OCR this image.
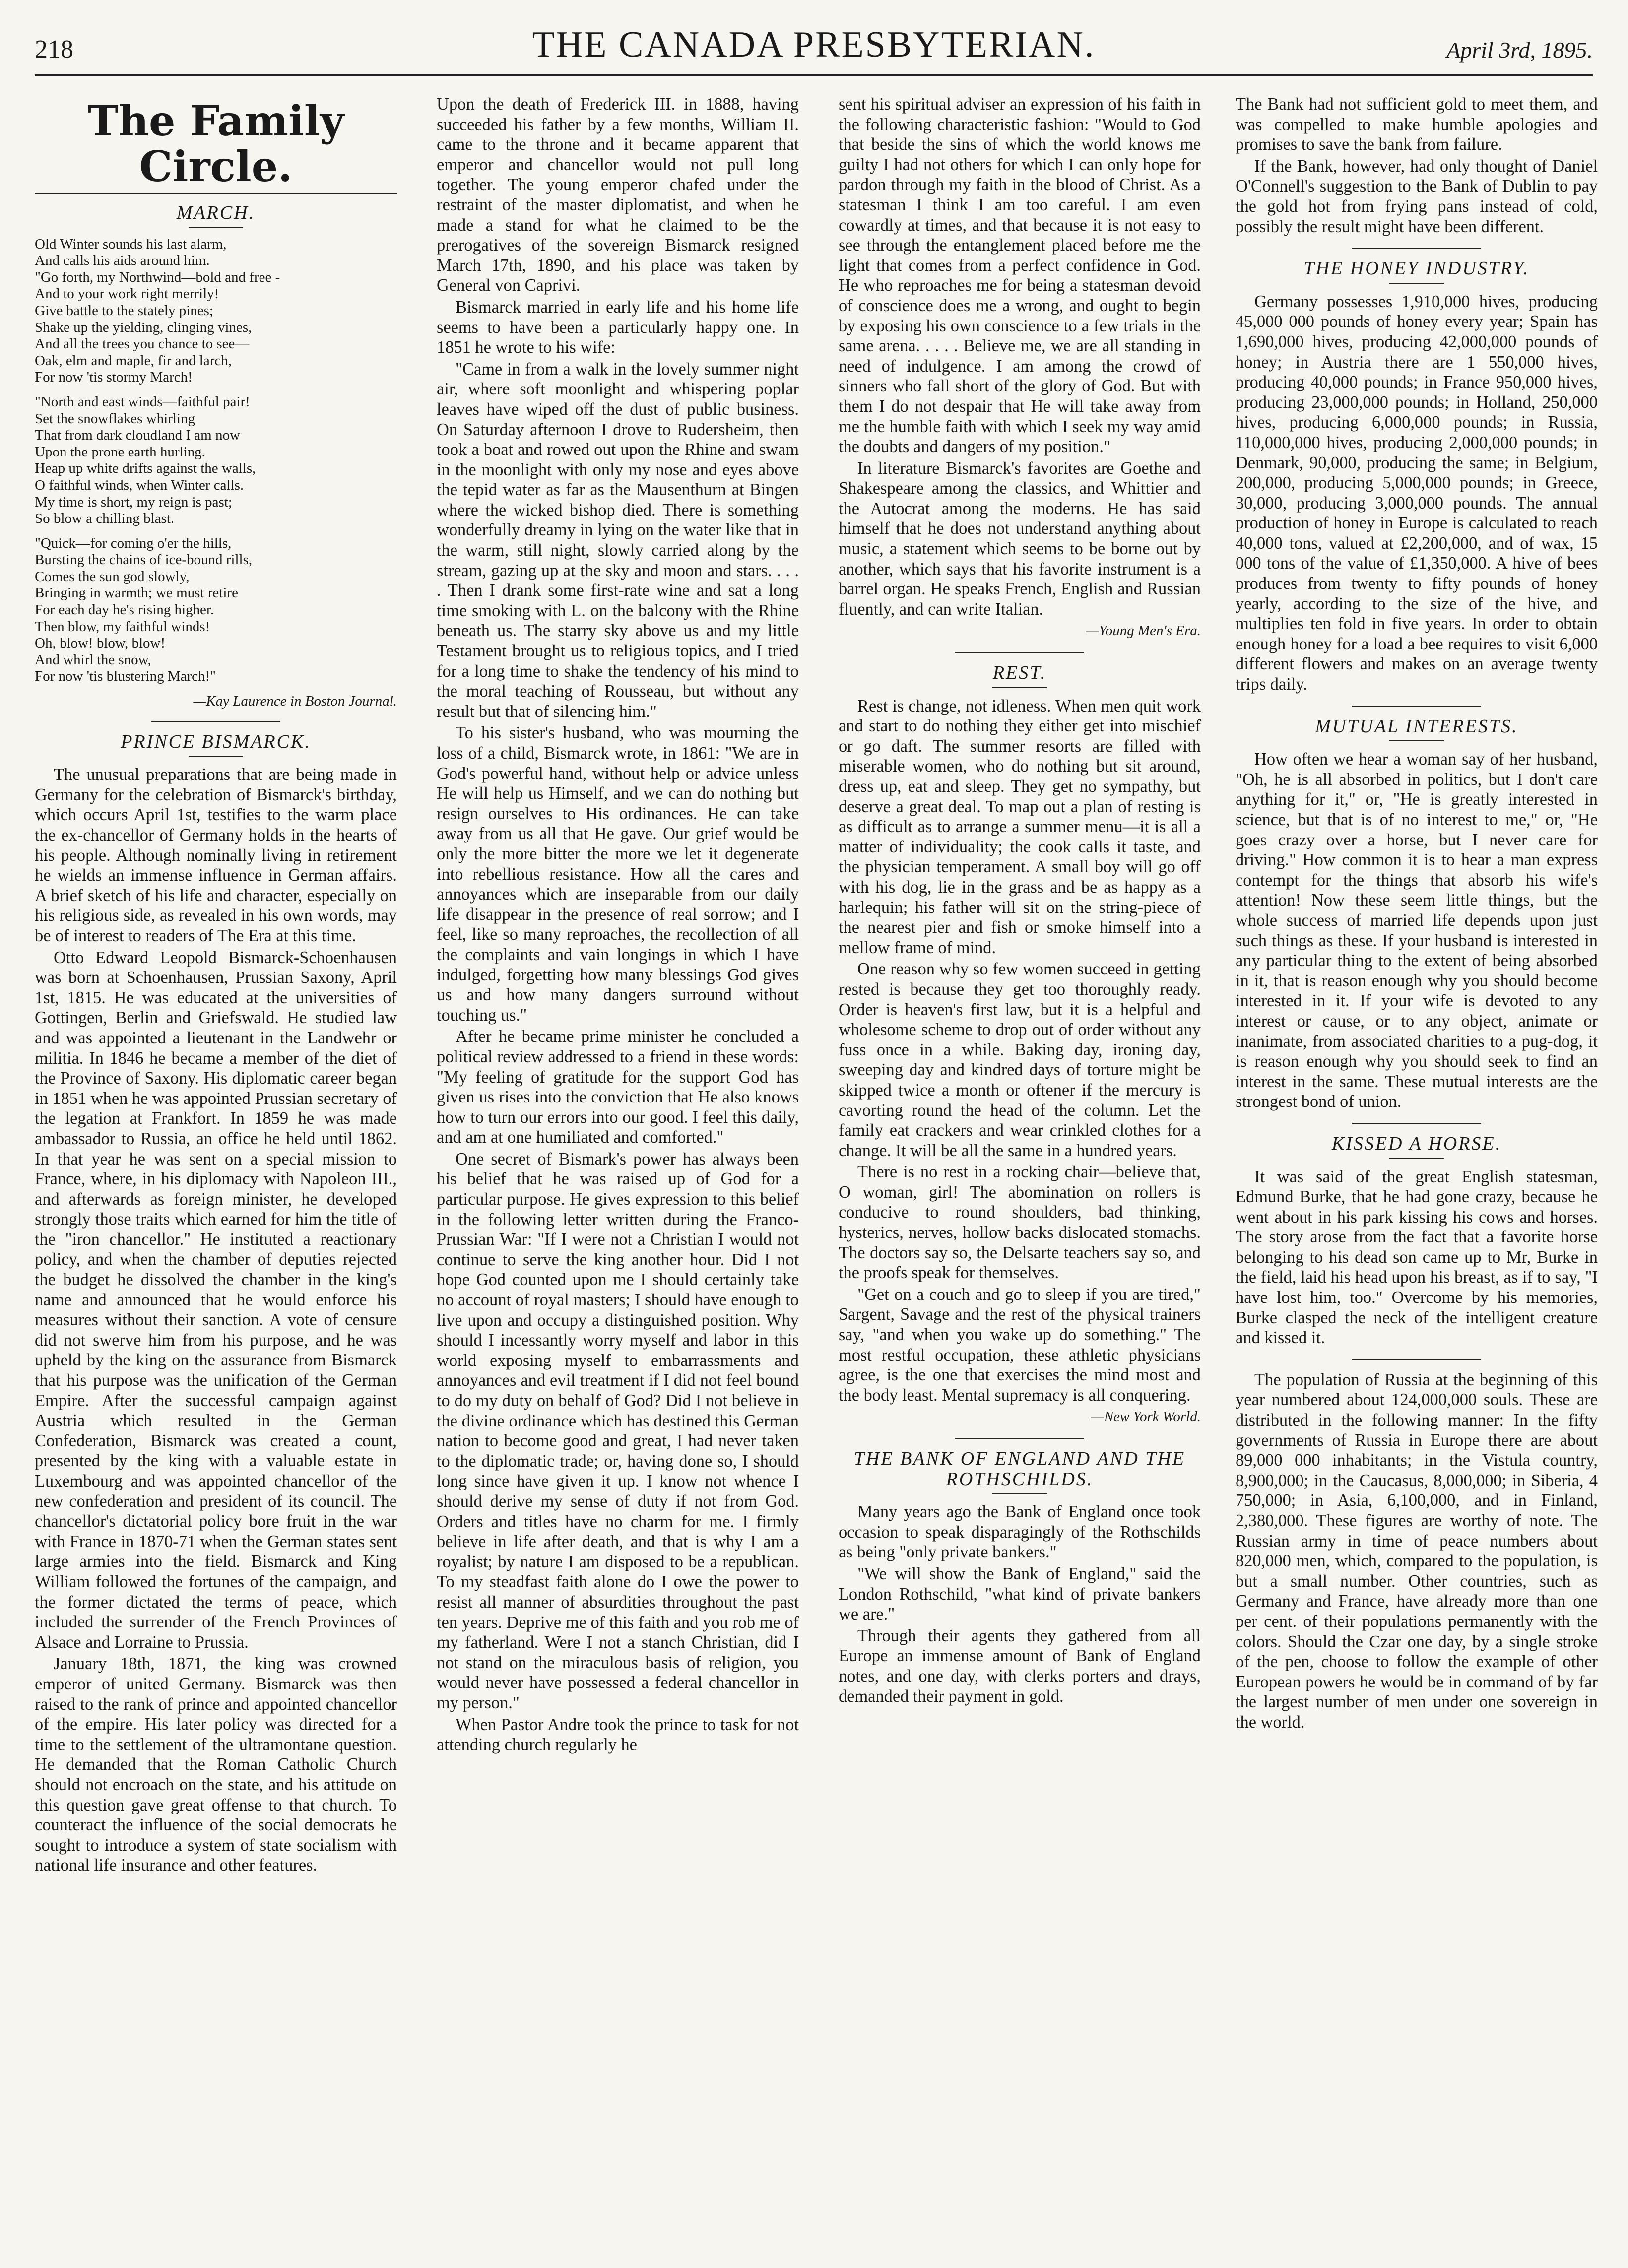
218	THE CANADA PRESBYTERIAN.	April 3rd, 1895.
The Family Circle.
MARCH.
Old Winter sounds his last alarm,
And calls his aids around him.
"Go forth, my Northwind—bold and free -
And to your work right merrily!
Give battle to the stately pines;
Shake up the yielding, clinging vines,
And all the trees you chance to see—
Oak, elm and maple, fir and larch,
For now 'tis stormy March!
"North and east winds—faithful pair!
Set the snowflakes whirling
That from dark cloudland I am now
Upon the prone earth hurling.
Heap up white drifts against the walls,
O faithful winds, when Winter calls.
My time is short, my reign is past;
So blow a chilling blast.
"Quick—for coming o'er the hills,
Bursting the chains of ice-bound rills,
Comes the sun god slowly,
Bringing in warmth; we must retire
For each day he's rising higher.
Then blow, my faithful winds!
Oh, blow! blow, blow!
And whirl the snow,
For now 'tis blustering March!"
—Kay Laurence in Boston Journal.
PRINCE BISMARCK.

The unusual preparations that are being made in Germany for the celebration of Bismarck's birthday, which occurs April 1st, testifies to the warm place the ex-chancellor of Germany holds in the hearts of his people. Although nominally living in retirement he wields an immense influence in German affairs. A brief sketch of his life and character, especially on his religious side, as revealed in his own words, may be of interest to readers of The Era at this time.

Otto Edward Leopold Bismarck-Schoenhausen was born at Schoenhausen, Prussian Saxony, April 1st, 1815. He was educated at the universities of Gottingen, Berlin and Griefswald. He studied law and was appointed a lieutenant in the Landwehr or militia. In 1846 he became a member of the diet of the Province of Saxony. His diplomatic career began in 1851 when he was appointed Prussian secretary of the legation at Frankfort. In 1859 he was made ambassador to Russia, an office he held until 1862. In that year he was sent on a special mission to France, where, in his diplomacy with Napoleon III., and afterwards as foreign minister, he developed strongly those traits which earned for him the title of the "iron chancellor." He instituted a reactionary policy, and when the chamber of deputies rejected the budget he dissolved the chamber in the king's name and announced that he would enforce his measures without their sanction. A vote of censure did not swerve him from his purpose, and he was upheld by the king on the assurance from Bismarck that his purpose was the unification of the German Empire. After the successful campaign against Austria which resulted in the German Confederation, Bismarck was created a count, presented by the king with a valuable estate in Luxembourg and was appointed chancellor of the new confederation and president of its council. The chancellor's dictatorial policy bore fruit in the war with France in 1870-71 when the German states sent large armies into the field. Bismarck and King William followed the fortunes of the campaign, and the former dictated the terms of peace, which included the surrender of the French Provinces of Alsace and Lorraine to Prussia.

January 18th, 1871, the king was crowned emperor of united Germany. Bismarck was then raised to the rank of prince and appointed chancellor of the empire. His later policy was directed for a time to the settlement of the ultramontane question. He demanded that the Roman Catholic Church should not encroach on the state, and his attitude on this question gave great offense to that church. To counteract the influence of the social democrats he sought to introduce a system of state socialism with national life insurance and other features.

Upon the death of Frederick III. in 1888, having succeeded his father by a few months, William II. came to the throne and it became apparent that emperor and chancellor would not pull long together. The young emperor chafed under the restraint of the master diplomatist, and when he made a stand for what he claimed to be the prerogatives of the sovereign Bismarck resigned March 17th, 1890, and his place was taken by General von Caprivi.

Bismarck married in early life and his home life seems to have been a particularly happy one. In 1851 he wrote to his wife:

"Came in from a walk in the lovely summer night air, where soft moonlight and whispering poplar leaves have wiped off the dust of public business. On Saturday afternoon I drove to Rudersheim, then took a boat and rowed out upon the Rhine and swam in the moonlight with only my nose and eyes above the tepid water as far as the Mausenthurn at Bingen where the wicked bishop died. There is something wonderfully dreamy in lying on the water like that in the warm, still night, slowly carried along by the stream, gazing up at the sky and moon and stars. . . . . Then I drank some first-rate wine and sat a long time smoking with L. on the balcony with the Rhine beneath us. The starry sky above us and my little Testament brought us to religious topics, and I tried for a long time to shake the tendency of his mind to the moral teaching of Rousseau, but without any result but that of silencing him."

To his sister's husband, who was mourning the loss of a child, Bismarck wrote, in 1861: "We are in God's powerful hand, without help or advice unless He will help us Himself, and we can do nothing but resign ourselves to His ordinances. He can take away from us all that He gave. Our grief would be only the more bitter the more we let it degenerate into rebellious resistance. How all the cares and annoyances which are inseparable from our daily life disappear in the presence of real sorrow; and I feel, like so many reproaches, the recollection of all the complaints and vain longings in which I have indulged, forgetting how many blessings God gives us and how many dangers surround without touching us."

After he became prime minister he concluded a political review addressed to a friend in these words: "My feeling of gratitude for the support God has given us rises into the conviction that He also knows how to turn our errors into our good. I feel this daily, and am at one humiliated and comforted."

One secret of Bismark's power has always been his belief that he was raised up of God for a particular purpose. He gives expression to this belief in the following letter written during the Franco-Prussian War: "If I were not a Christian I would not continue to serve the king another hour. Did I not hope God counted upon me I should certainly take no account of royal masters; I should have enough to live upon and occupy a distinguished position. Why should I incessantly worry myself and labor in this world exposing myself to embarrassments and annoyances and evil treatment if I did not feel bound to do my duty on behalf of God? Did I not believe in the divine ordinance which has destined this German nation to become good and great, I had never taken to the diplomatic trade; or, having done so, I should long since have given it up. I know not whence I should derive my sense of duty if not from God. Orders and titles have no charm for me. I firmly believe in life after death, and that is why I am a royalist; by nature I am disposed to be a republican. To my steadfast faith alone do I owe the power to resist all manner of absurdities throughout the past ten years. Deprive me of this faith and you rob me of my fatherland. Were I not a stanch Christian, did I not stand on the miraculous basis of religion, you would never have possessed a federal chancellor in my person."

When Pastor Andre took the prince to task for not attending church regularly he

sent his spiritual adviser an expression of his faith in the following characteristic fashion: "Would to God that beside the sins of which the world knows me guilty I had not others for which I can only hope for pardon through my faith in the blood of Christ. As a statesman I think I am too careful. I am even cowardly at times, and that because it is not easy to see through the entanglement placed before me the light that comes from a perfect confidence in God. He who reproaches me for being a statesman devoid of conscience does me a wrong, and ought to begin by exposing his own conscience to a few trials in the same arena. . . . . Believe me, we are all standing in need of indulgence. I am among the crowd of sinners who fall short of the glory of God. But with them I do not despair that He will take away from me the humble faith with which I seek my way amid the doubts and dangers of my position."

In literature Bismarck's favorites are Goethe and Shakespeare among the classics, and Whittier and the Autocrat among the moderns. He has said himself that he does not understand anything about music, a statement which seems to be borne out by another, which says that his favorite instrument is a barrel organ. He speaks French, English and Russian fluently, and can write Italian.

—Young Men's Era.
REST.

Rest is change, not idleness. When men quit work and start to do nothing they either get into mischief or go daft. The summer resorts are filled with miserable women, who do nothing but sit around, dress up, eat and sleep. They get no sympathy, but deserve a great deal. To map out a plan of resting is as difficult as to arrange a summer menu—it is all a matter of individuality; the cook calls it taste, and the physician temperament. A small boy will go off with his dog, lie in the grass and be as happy as a harlequin; his father will sit on the string-piece of the nearest pier and fish or smoke himself into a mellow frame of mind.

One reason why so few women succeed in getting rested is because they get too thoroughly ready. Order is heaven's first law, but it is a helpful and wholesome scheme to drop out of order without any fuss once in a while. Baking day, ironing day, sweeping day and kindred days of torture might be skipped twice a month or oftener if the mercury is cavorting round the head of the column. Let the family eat crackers and wear crinkled clothes for a change. It will be all the same in a hundred years.

There is no rest in a rocking chair—believe that, O woman, girl! The abomination on rollers is conducive to round shoulders, bad thinking, hysterics, nerves, hollow backs dislocated stomachs. The doctors say so, the Delsarte teachers say so, and the proofs speak for themselves.

"Get on a couch and go to sleep if you are tired," Sargent, Savage and the rest of the physical trainers say, "and when you wake up do something." The most restful occupation, these athletic physicians agree, is the one that exercises the mind most and the body least. Mental supremacy is all conquering.

—New York World.
THE BANK OF ENGLAND AND THE ROTHSCHILDS.

Many years ago the Bank of England once took occasion to speak disparagingly of the Rothschilds as being "only private bankers."

"We will show the Bank of England," said the London Rothschild, "what kind of private bankers we are."

Through their agents they gathered from all Europe an immense amount of Bank of England notes, and one day, with clerks porters and drays, demanded their payment in gold.

The Bank had not sufficient gold to meet them, and was compelled to make humble apologies and promises to save the bank from failure.

If the Bank, however, had only thought of Daniel O'Connell's suggestion to the Bank of Dublin to pay the gold hot from frying pans instead of cold, possibly the result might have been different.

THE HONEY INDUSTRY.

Germany possesses 1,910,000 hives, producing 45,000 000 pounds of honey every year; Spain has 1,690,000 hives, producing 42,000,000 pounds of honey; in Austria there are 1 550,000 hives, producing 40,000 pounds; in France 950,000 hives, producing 23,000,000 pounds; in Holland, 250,000 hives, producing 6,000,000 pounds; in Russia, 110,000,000 hives, producing 2,000,000 pounds; in Denmark, 90,000, producing the same; in Belgium, 200,000, producing 5,000,000 pounds; in Greece, 30,000, producing 3,000,000 pounds. The annual production of honey in Europe is calculated to reach 40,000 tons, valued at £2,200,000, and of wax, 15 000 tons of the value of £1,350,000. A hive of bees produces from twenty to fifty pounds of honey yearly, according to the size of the hive, and multiplies ten fold in five years. In order to obtain enough honey for a load a bee requires to visit 6,000 different flowers and makes on an average twenty trips daily.

MUTUAL INTERESTS.

How often we hear a woman say of her husband, "Oh, he is all absorbed in politics, but I don't care anything for it," or, "He is greatly interested in science, but that is of no interest to me," or, "He goes crazy over a horse, but I never care for driving." How common it is to hear a man express contempt for the things that absorb his wife's attention! Now these seem little things, but the whole success of married life depends upon just such things as these. If your husband is interested in any particular thing to the extent of being absorbed in it, that is reason enough why you should become interested in it. If your wife is devoted to any interest or cause, or to any object, animate or inanimate, from associated charities to a pug-dog, it is reason enough why you should seek to find an interest in the same. These mutual interests are the strongest bond of union.

KISSED A HORSE.

It was said of the great English statesman, Edmund Burke, that he had gone crazy, because he went about in his park kissing his cows and horses. The story arose from the fact that a favorite horse belonging to his dead son came up to Mr, Burke in the field, laid his head upon his breast, as if to say, "I have lost him, too." Overcome by his memories, Burke clasped the neck of the intelligent creature and kissed it.

The population of Russia at the beginning of this year numbered about 124,000,000 souls. These are distributed in the following manner: In the fifty governments of Russia in Europe there are about 89,000 000 inhabitants; in the Vistula country, 8,900,000; in the Caucasus, 8,000,000; in Siberia, 4 750,000; in Asia, 6,100,000, and in Finland, 2,380,000. These figures are worthy of note. The Russian army in time of peace numbers about 820,000 men, which, compared to the population, is but a small number. Other countries, such as Germany and France, have already more than one per cent. of their populations permanently with the colors. Should the Czar one day, by a single stroke of the pen, choose to follow the example of other European powers he would be in command of by far the largest number of men under one sovereign in the world.
